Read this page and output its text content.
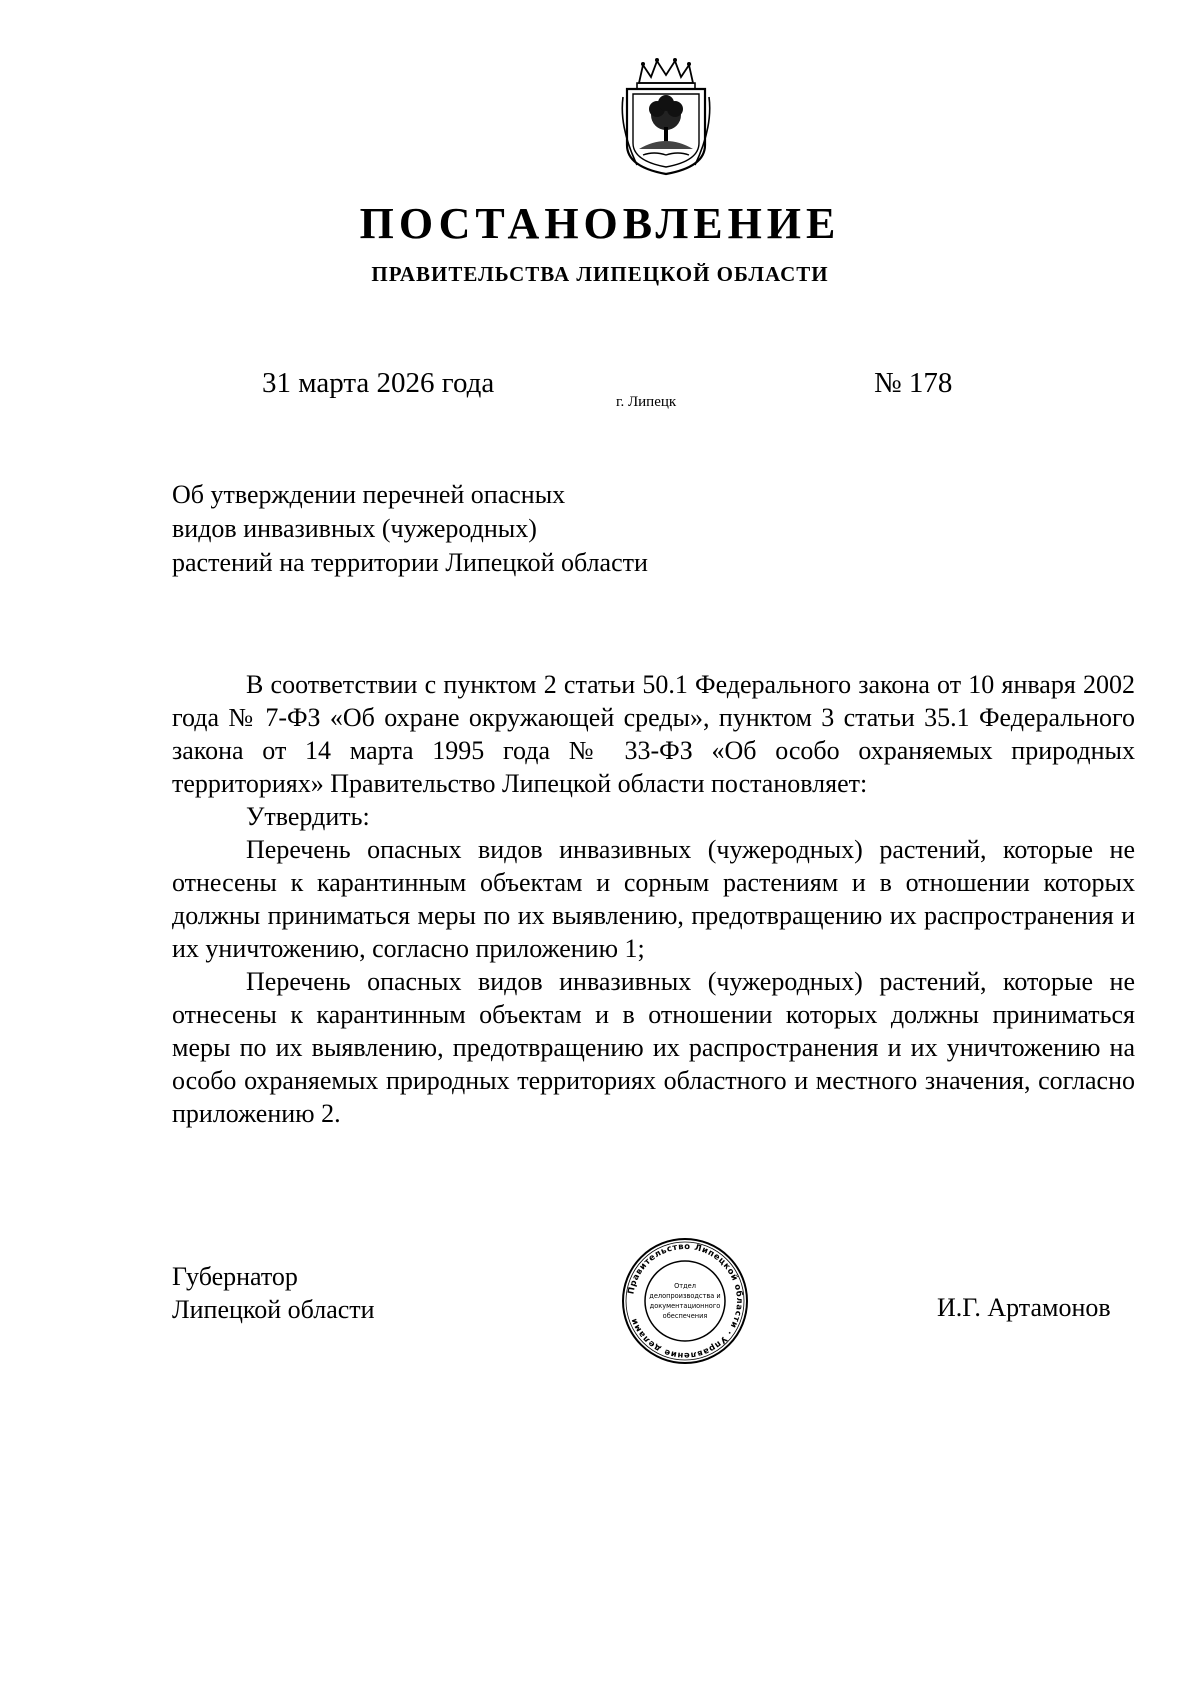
ПОСТАНОВЛЕНИЕ
ПРАВИТЕЛЬСТВА ЛИПЕЦКОЙ ОБЛАСТИ
31 марта 2026 года
г. Липецк
№ 178
Об утверждении перечней опасных
видов инвазивных (чужеродных)
растений на территории Липецкой области

В соответствии с пунктом 2 статьи 50.1 Федерального закона от 10 января 2002 года № 7-ФЗ «Об охране окружающей среды», пунктом 3 статьи 35.1 Федерального закона от 14 марта 1995 года № 33-ФЗ «Об особо охраняемых природных территориях» Правительство Липецкой области постановляет:

Утвердить:

Перечень опасных видов инвазивных (чужеродных) растений, которые не отнесены к карантинным объектам и сорным растениям и в отношении которых должны приниматься меры по их выявлению, предотвращению их распространения и их уничтожению, согласно приложению 1;

Перечень опасных видов инвазивных (чужеродных) растений, которые не отнесены к карантинным объектам и в отношении которых должны приниматься меры по их выявлению, предотвращению их распространения и их уничтожению на особо охраняемых природных территориях областного и местного значения, согласно приложению 2.

Губернатор
Липецкой области
Правительство Липецкой области · Управление делами
Отдел
делопроизводства и
документационного
обеспечения	И.Г. Артамонов
